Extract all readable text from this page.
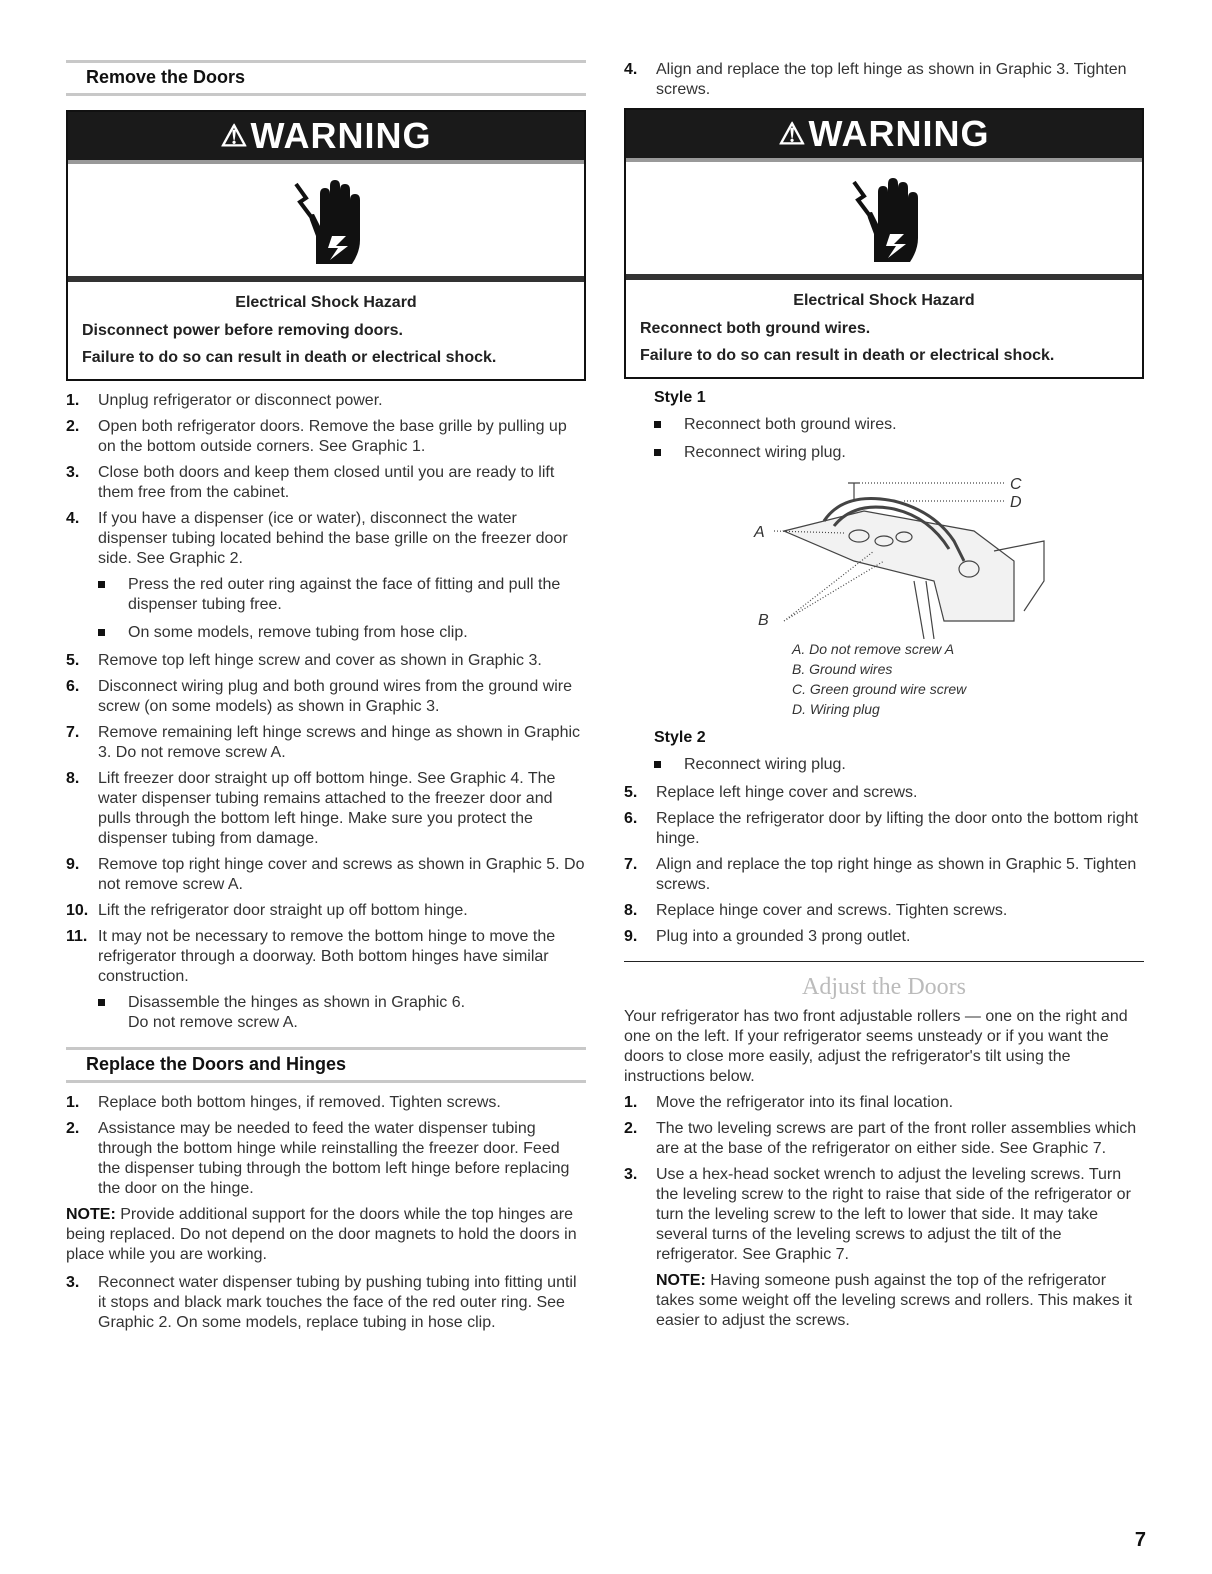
Remove the Doors
⚠WARNING
Electrical Shock Hazard
Disconnect power before removing doors.
Failure to do so can result in death or electrical shock.
1. Unplug refrigerator or disconnect power.
2. Open both refrigerator doors. Remove the base grille by pulling up on the bottom outside corners. See Graphic 1.
3. Close both doors and keep them closed until you are ready to lift them free from the cabinet.
4. If you have a dispenser (ice or water), disconnect the water dispenser tubing located behind the base grille on the freezer door side. See Graphic 2.
Press the red outer ring against the face of fitting and pull the dispenser tubing free.
On some models, remove tubing from hose clip.
5. Remove top left hinge screw and cover as shown in Graphic 3.
6. Disconnect wiring plug and both ground wires from the ground wire screw (on some models) as shown in Graphic 3.
7. Remove remaining left hinge screws and hinge as shown in Graphic 3. Do not remove screw A.
8. Lift freezer door straight up off bottom hinge. See Graphic 4. The water dispenser tubing remains attached to the freezer door and pulls through the bottom left hinge. Make sure you protect the dispenser tubing from damage.
9. Remove top right hinge cover and screws as shown in Graphic 5. Do not remove screw A.
10. Lift the refrigerator door straight up off bottom hinge.
11. It may not be necessary to remove the bottom hinge to move the refrigerator through a doorway. Both bottom hinges have similar construction.
Disassemble the hinges as shown in Graphic 6.
Do not remove screw A.
Replace the Doors and Hinges
1. Replace both bottom hinges, if removed. Tighten screws.
2. Assistance may be needed to feed the water dispenser tubing through the bottom hinge while reinstalling the freezer door. Feed the dispenser tubing through the bottom left hinge before replacing the door on the hinge.
NOTE: Provide additional support for the doors while the top hinges are being replaced. Do not depend on the door magnets to hold the doors in place while you are working.
3. Reconnect water dispenser tubing by pushing tubing into fitting until it stops and black mark touches the face of the red outer ring. See Graphic 2. On some models, replace tubing in hose clip.
4. Align and replace the top left hinge as shown in Graphic 3. Tighten screws.
⚠WARNING
Electrical Shock Hazard
Reconnect both ground wires.
Failure to do so can result in death or electrical shock.
Style 1
Reconnect both ground wires.
Reconnect wiring plug.
A
B
C
D
A. Do not remove screw A
B. Ground wires
C. Green ground wire screw
D. Wiring plug
Style 2
Reconnect wiring plug.
5. Replace left hinge cover and screws.
6. Replace the refrigerator door by lifting the door onto the bottom right hinge.
7. Align and replace the top right hinge as shown in Graphic 5. Tighten screws.
8. Replace hinge cover and screws. Tighten screws.
9. Plug into a grounded 3 prong outlet.
Adjust the Doors
Your refrigerator has two front adjustable rollers — one on the right and one on the left. If your refrigerator seems unsteady or if you want the doors to close more easily, adjust the refrigerator's tilt using the instructions below.
1. Move the refrigerator into its final location.
2. The two leveling screws are part of the front roller assemblies which are at the base of the refrigerator on either side. See Graphic 7.
3. Use a hex-head socket wrench to adjust the leveling screws. Turn the leveling screw to the right to raise that side of the refrigerator or turn the leveling screw to the left to lower that side. It may take several turns of the leveling screws to adjust the tilt of the refrigerator. See Graphic 7.
NOTE: Having someone push against the top of the refrigerator takes some weight off the leveling screws and rollers. This makes it easier to adjust the screws.
7
